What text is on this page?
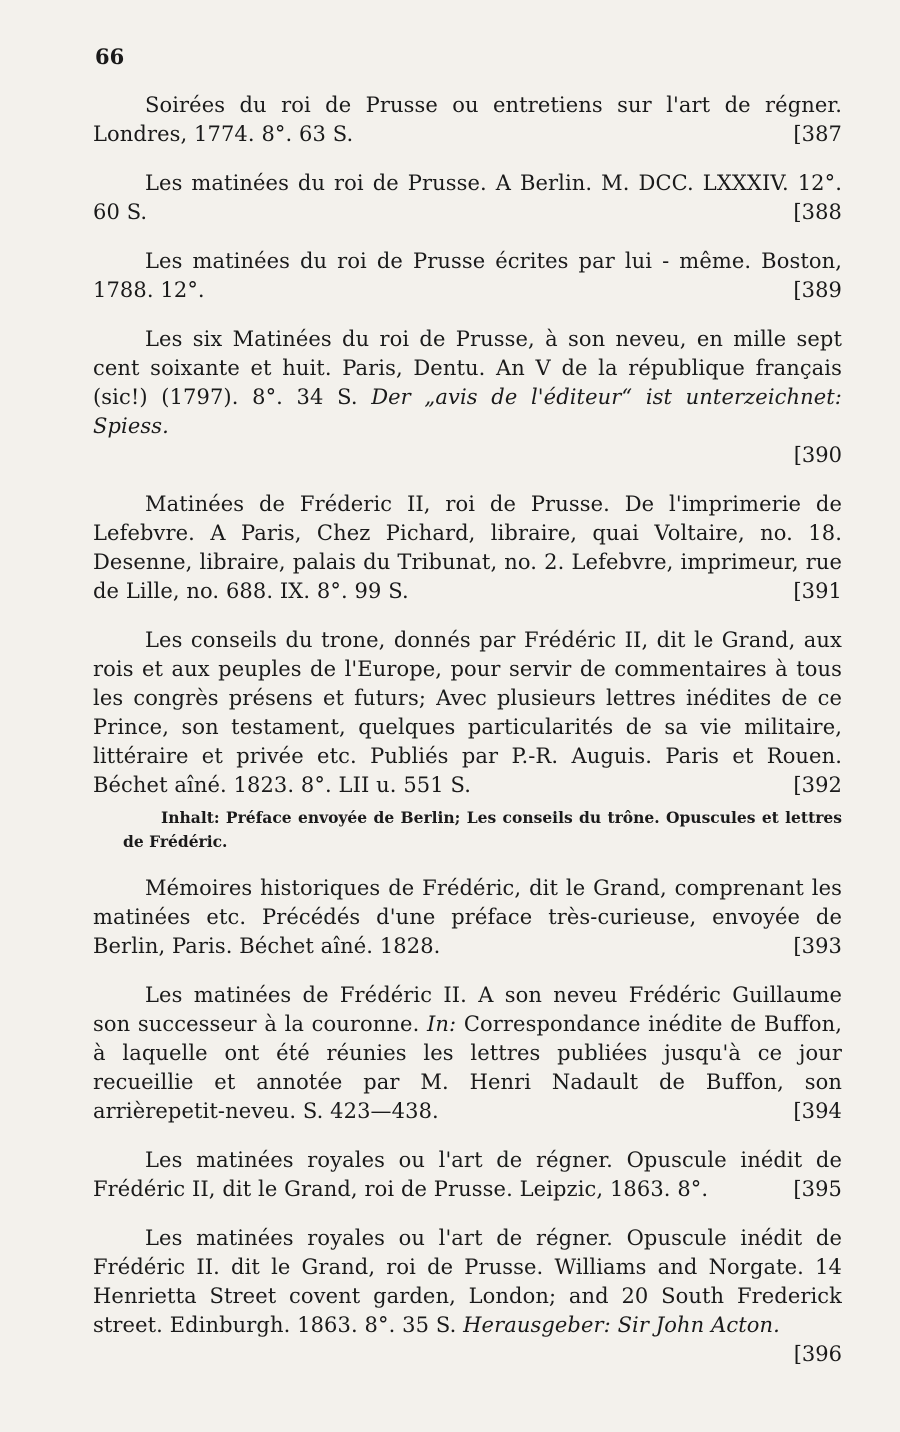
66

Soirées du roi de Prusse ou entretiens sur l'art de régner. Londres, 1774. 8°. 63 S.	[387

Les matinées du roi de Prusse. A Berlin. M. DCC. LXXXIV. 12°. 60 S.	[388

Les matinées du roi de Prusse écrites par lui - même. Boston, 1788. 12°.	[389

Les six Matinées du roi de Prusse, à son neveu, en mille sept cent soixante et huit. Paris, Dentu. An V de la république français (sic!) (1797). 8°. 34 S. Der „avis de l'éditeur“ ist unterzeichnet: Spiess.

[390

Matinées de Fréderic II, roi de Prusse. De l'imprimerie de Lefebvre. A Paris, Chez Pichard, libraire, quai Voltaire, no. 18. Desenne, libraire, palais du Tribunat, no. 2. Lefebvre, imprimeur, rue de Lille, no. 688. IX. 8°. 99 S.	[391

Les conseils du trone, donnés par Frédéric II, dit le Grand, aux rois et aux peuples de l'Europe, pour servir de commentaires à tous les congrès présens et futurs; Avec plusieurs lettres inédites de ce Prince, son testament, quelques particularités de sa vie militaire, littéraire et privée etc. Publiés par P.-R. Auguis. Paris et Rouen. Béchet aîné. 1823. 8°. LII u. 551 S.	[392

Inhalt: Préface envoyée de Berlin; Les conseils du trône. Opuscules et lettres de Frédéric.

Mémoires historiques de Frédéric, dit le Grand, comprenant les matinées etc. Précédés d'une préface très-curieuse, envoyée de Berlin, Paris. Béchet aîné. 1828.	[393

Les matinées de Frédéric II. A son neveu Frédéric Guillaume son successeur à la couronne. In: Correspondance inédite de Buffon, à laquelle ont été réunies les lettres publiées jusqu'à ce jour recueillie et annotée par M. Henri Nadault de Buffon, son arrièrepetit-neveu. S. 423—438.	[394

Les matinées royales ou l'art de régner. Opuscule inédit de Frédéric II, dit le Grand, roi de Prusse. Leipzic, 1863. 8°.	[395

Les matinées royales ou l'art de régner. Opuscule inédit de Frédéric II. dit le Grand, roi de Prusse. Williams and Norgate. 14 Henrietta Street covent garden, London; and 20 South Frederick street. Edinburgh. 1863. 8°. 35 S. Herausgeber: Sir John Acton.

[396
